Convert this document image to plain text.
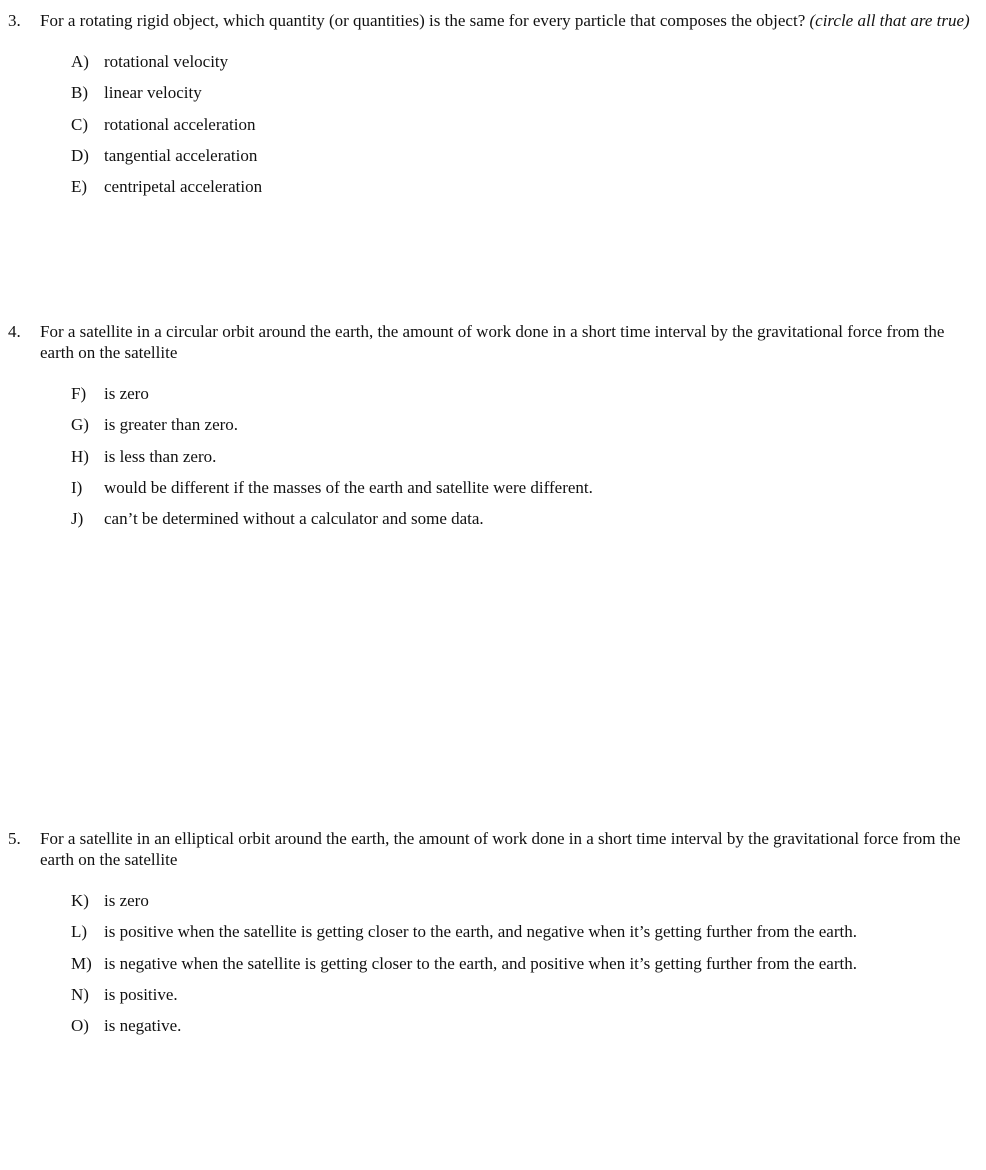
3. For a rotating rigid object, which quantity (or quantities) is the same for every particle that composes the object? (circle all that are true)
A) rotational velocity
B) linear velocity
C) rotational acceleration
D) tangential acceleration
E) centripetal acceleration
4. For a satellite in a circular orbit around the earth, the amount of work done in a short time interval by the gravitational force from the earth on the satellite
F)	is zero
G) is greater than zero.
H) is less than zero.
I)	would be different if the masses of the earth and satellite were different.
J)	can’t be determined without a calculator and some data.
5. For a satellite in an elliptical orbit around the earth, the amount of work done in a short time interval by the gravitational force from the earth on the satellite
K) is zero
L) is positive when the satellite is getting closer to the earth, and negative when it’s getting further from the earth.
M) is negative when the satellite is getting closer to the earth, and positive when it’s getting further from the earth.
N) is positive.
O) is negative.
